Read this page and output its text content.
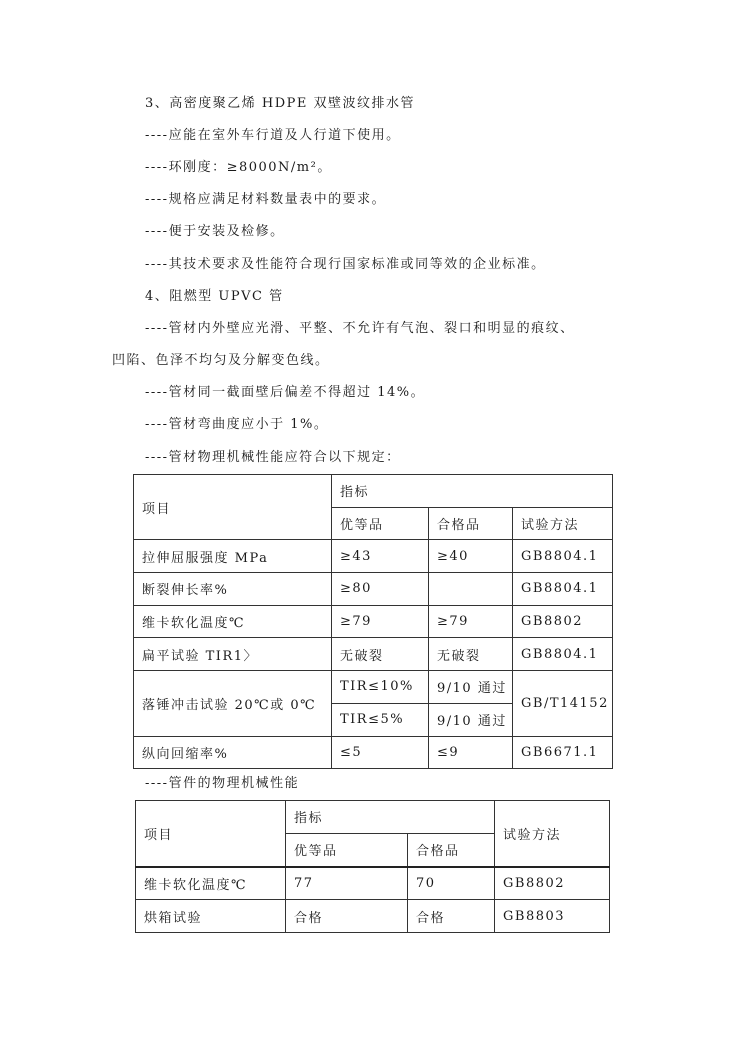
3、高密度聚乙烯 HDPE 双壁波纹排水管
----应能在室外车行道及人行道下使用。
----环刚度：≥8000N/m²。
----规格应满足材料数量表中的要求。
----便于安装及检修。
----其技术要求及性能符合现行国家标准或同等效的企业标准。
4、阻燃型 UPVC 管
----管材内外壁应光滑、平整、不允许有气泡、裂口和明显的痕纹、
凹陷、色泽不均匀及分解变色线。
----管材同一截面壁后偏差不得超过 14%。
----管材弯曲度应小于 1%。
----管材物理机械性能应符合以下规定：
项目	指标		
	优等品	合格品	试验方法
拉伸屈服强度 MPa	≥43	≥40	GB8804.1
断裂伸长率%	≥80		GB8804.1
维卡软化温度℃	≥79	≥79	GB8802
扁平试验 TIR1〉	无破裂	无破裂	GB8804.1
落锤冲击试验 20℃或 0℃	TIR≤10%	9/10 通过	GB/T14152
	TIR≤5%	9/10 通过	
纵向回缩率%	≤5	≤9	GB6671.1
----管件的物理机械性能
项目	指标		试验方法
	优等品	合格品	
维卡软化温度℃	77	70	GB8802
烘箱试验	合格	合格	GB8803
